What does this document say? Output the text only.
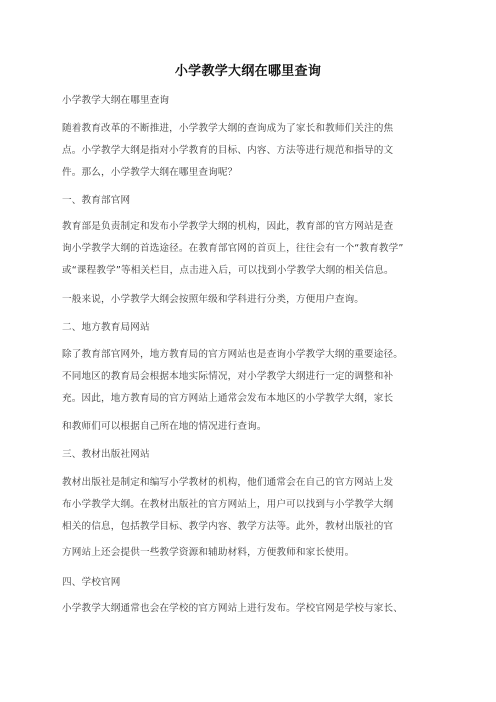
小学教学大纲在哪里查询
小学教学大纲在哪里查询
随着教育改革的不断推进，小学教学大纲的查询成为了家长和教师们关注的焦
点。小学教学大纲是指对小学教育的目标、内容、方法等进行规范和指导的文
件。那么，小学教学大纲在哪里查询呢？
一、教育部官网
教育部是负责制定和发布小学教学大纲的机构，因此，教育部的官方网站是查
询小学教学大纲的首选途径。在教育部官网的首页上，往往会有一个“教育教学”
或“课程教学”等相关栏目，点击进入后，可以找到小学教学大纲的相关信息。
一般来说，小学教学大纲会按照年级和学科进行分类，方便用户查询。
二、地方教育局网站
除了教育部官网外，地方教育局的官方网站也是查询小学教学大纲的重要途径。
不同地区的教育局会根据本地实际情况，对小学教学大纲进行一定的调整和补
充。因此，地方教育局的官方网站上通常会发布本地区的小学教学大纲，家长
和教师们可以根据自己所在地的情况进行查询。
三、教材出版社网站
教材出版社是制定和编写小学教材的机构，他们通常会在自己的官方网站上发
布小学教学大纲。在教材出版社的官方网站上，用户可以找到与小学教学大纲
相关的信息，包括教学目标、教学内容、教学方法等。此外，教材出版社的官
方网站上还会提供一些教学资源和辅助材料，方便教师和家长使用。
四、学校官网
小学教学大纲通常也会在学校的官方网站上进行发布。学校官网是学校与家长、
